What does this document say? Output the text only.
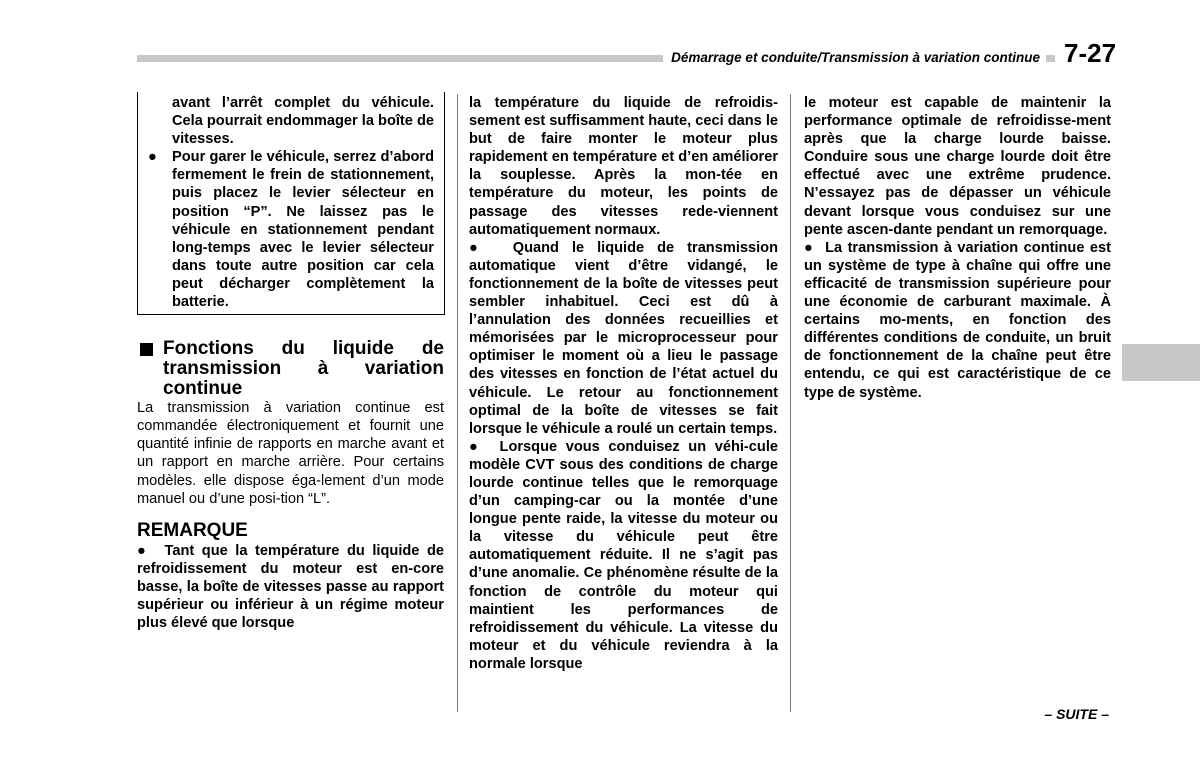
Démarrage et conduite/Transmission à variation continue 7-27

avant l’arrêt complet du véhicule. Cela pourrait endommager la boîte de vitesses.

● Pour garer le véhicule, serrez d’abord fermement le frein de stationnement, puis placez le levier sélecteur en position “P”. Ne laissez pas le véhicule en stationnement pendant long-temps avec le levier sélecteur dans toute autre position car cela peut décharger complètement la batterie.

Fonctions du liquide de transmission à variation continue

La transmission à variation continue est commandée électroniquement et fournit une quantité infinie de rapports en marche avant et un rapport en marche arrière. Pour certains modèles. elle dispose éga-lement d’un mode manuel ou d’une posi-tion “L”.

REMARQUE

● Tant que la température du liquide de refroidissement du moteur est en-core basse, la boîte de vitesses passe au rapport supérieur ou inférieur à un régime moteur plus élevé que lorsque

la température du liquide de refroidis-sement est suffisamment haute, ceci dans le but de faire monter le moteur plus rapidement en température et d’en améliorer la souplesse. Après la mon-tée en température du moteur, les points de passage des vitesses rede-viennent automatiquement normaux.

● Quand le liquide de transmission automatique vient d’être vidangé, le fonctionnement de la boîte de vitesses peut sembler inhabituel. Ceci est dû à l’annulation des données recueillies et mémorisées par le microprocesseur pour optimiser le moment où a lieu le passage des vitesses en fonction de l’état actuel du véhicule. Le retour au fonctionnement optimal de la boîte de vitesses se fait lorsque le véhicule a roulé un certain temps.

● Lorsque vous conduisez un véhi-cule modèle CVT sous des conditions de charge lourde continue telles que le remorquage d’un camping-car ou la montée d’une longue pente raide, la vitesse du moteur ou la vitesse du véhicule peut être automatiquement réduite. Il ne s’agit pas d’une anomalie. Ce phénomène résulte de la fonction de contrôle du moteur qui maintient les performances de refroidissement du véhicule. La vitesse du moteur et du véhicule reviendra à la normale lorsque

le moteur est capable de maintenir la performance optimale de refroidisse-ment après que la charge lourde baisse. Conduire sous une charge lourde doit être effectué avec une extrême prudence. N’essayez pas de dépasser un véhicule devant lorsque vous conduisez sur une pente ascen-dante pendant un remorquage.

● La transmission à variation continue est un système de type à chaîne qui offre une efficacité de transmission supérieure pour une économie de carburant maximale. À certains mo-ments, en fonction des différentes conditions de conduite, un bruit de fonctionnement de la chaîne peut être entendu, ce qui est caractéristique de ce type de système.

– SUITE –
